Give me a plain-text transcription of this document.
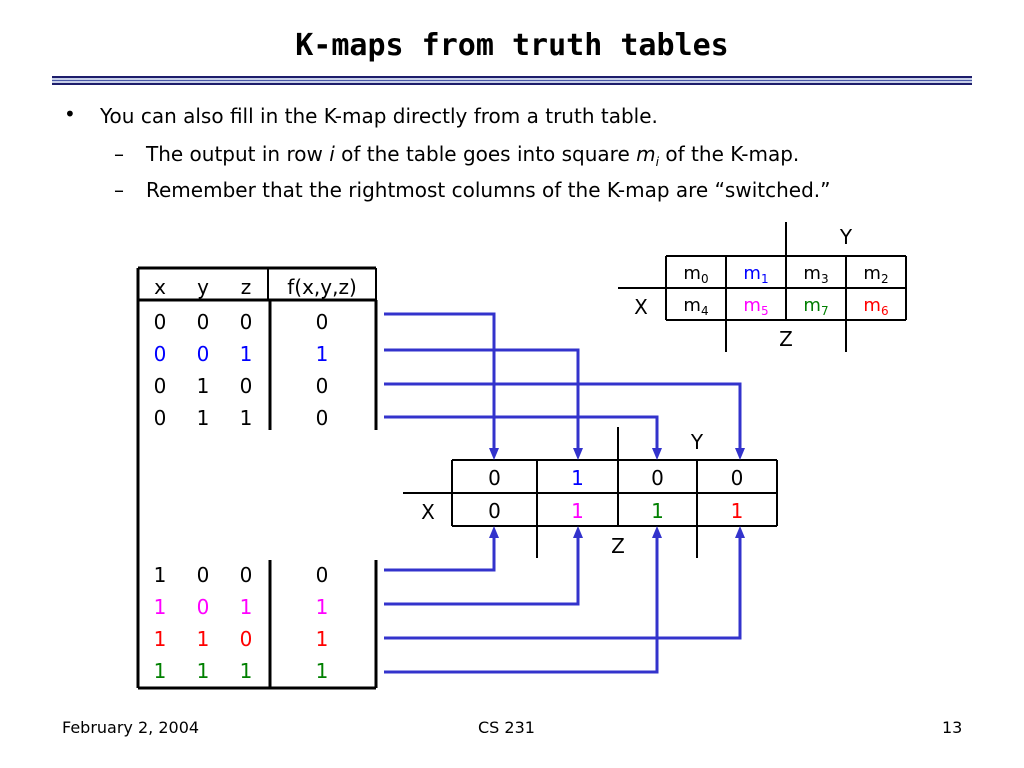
K-maps from truth tables
• You can also fill in the K-map directly from a truth table.
– The output in row i of the table goes into square $m_i$ of the K-map.
– Remember that the rightmost columns of the K-map are “switched.”
x y z f(x,y,z)
0 0 0	0
0 0 1	1
0 1 0	0
0 1 1	0
1 0 0	0
1 0 1	1
1 1 0	1
1 1 1	1
Y
X
Z
$m_0$ $m_1$ $m_3$ $m_2$
$m_4$ $m_5$ $m_7$ $m_6$
Y
X
Z
0	1	0	0
0	1	1	1
February 2, 2004	CS 231	13
